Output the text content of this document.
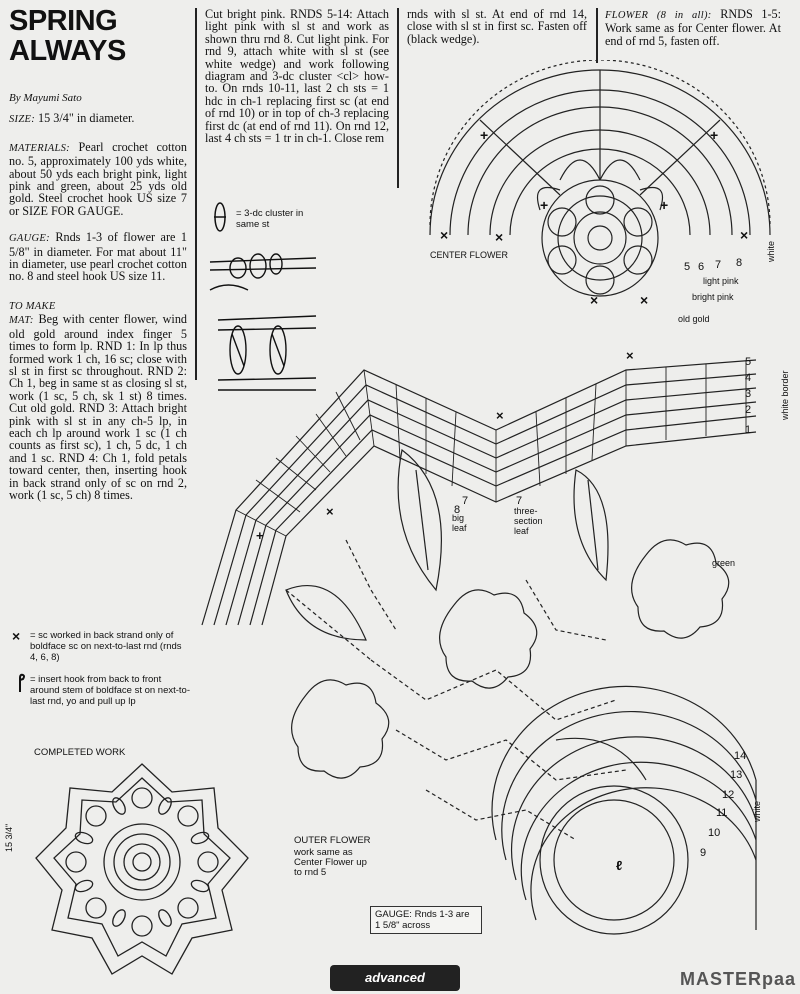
SPRING
ALWAYS

By Mayumi Sato

SIZE: 15 3/4" in diameter.

MATERIALS: Pearl crochet cotton no. 5, approximately 100 yds white, about 50 yds each bright pink, light pink and green, about 25 yds old gold. Steel crochet hook US size 7 or SIZE FOR GAUGE.

GAUGE: Rnds 1-3 of flower are 1 5/8" in diameter. For mat about 11" in diameter, use pearl crochet cotton no. 8 and steel hook US size 11.

TO MAKE

MAT: Beg with center flower, wind old gold around index finger 5 times to form lp. RND 1: In lp thus formed work 1 ch, 16 sc; close with sl st in first sc throughout. RND 2: Ch 1, beg in same st as closing sl st, work (1 sc, 5 ch, sk 1 st) 8 times. Cut old gold. RND 3: Attach bright pink with sl st in any ch-5 lp, in each ch lp around work 1 sc (1 ch counts as first sc), 1 ch, 5 dc, 1 ch and 1 sc. RND 4: Ch 1, fold petals toward center, then, inserting hook in back strand only of sc on rnd 2, work (1 sc, 5 ch) 8 times.

Cut bright pink. RNDS 5-14: Attach light pink with sl st and work as shown thru rnd 8. Cut light pink. For rnd 9, attach white with sl st (see white wedge) and work following diagram and 3-dc cluster <cl> how-to. On rnds 10-11, last 2 ch sts = 1 hdc in ch-1 replacing first sc (at end of rnd 10) or in top of ch-3 replacing first dc (at end of rnd 11). On rnd 12, last 4 ch sts = 1 tr in ch-1. Close rem
rnds with sl st. At end of rnd 14, close with sl st in first sc. Fasten off (black wedge).
FLOWER (8 in all): RNDS 1-5: Work same as for Center flower. At end of rnd 5, fasten off.
= 3-dc cluster in same st
× = sc worked in back strand only of boldface sc on next-to-last rnd (rnds 4, 6, 8)
= insert hook from back to front around stem of boldface st on next-to-last rnd, yo and pull up lp
COMPLETED WORK
15 3/4"
×	×
×
+	+
+	+
×	×
CENTER FLOWER
light pink
bright pink
old gold
white
5 6 7 8
×
×
×
+
ℓ
5
4
3
2
1
white border
8
7	7
big leaf
three-section leaf
green
14
13
12
11
10
9
white
OUTER FLOWER
work same as Center Flower up to rnd 5
GAUGE: Rnds 1-3 are 1 5/8" across
advanced	MASTERpaa
